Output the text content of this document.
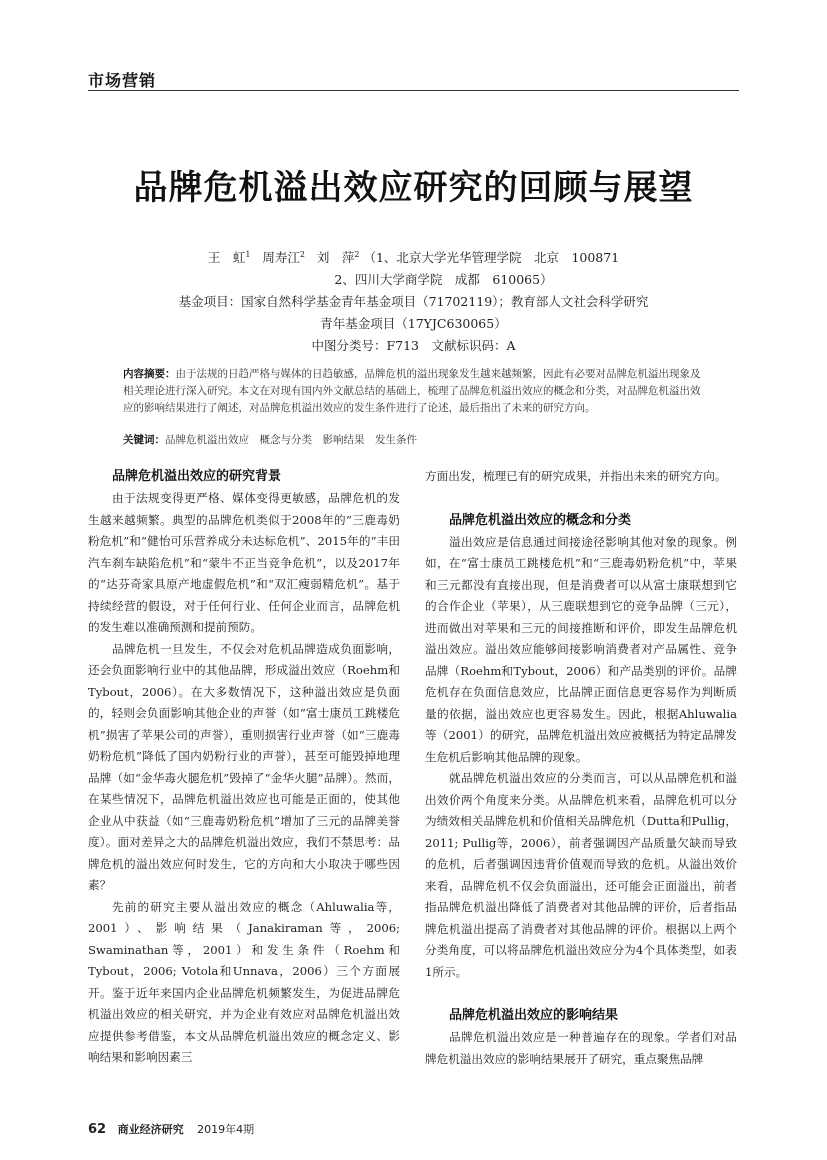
市场营销
品牌危机溢出效应研究的回顾与展望
王　虹$^1$ 周寿江$^2$ 刘　萍$^2$ （1、北京大学光华管理学院　北京　100871
2、四川大学商学院　成都　610065）
基金项目：国家自然科学基金青年基金项目（71702119）；教育部人文社会科学研究
青年基金项目（17YJC630065）
中图分类号：F713　文献标识码：A
内容摘要：由于法规的日趋严格与媒体的日趋敏感，品牌危机的溢出现象发生越来越频繁，因此有必要对品牌危机溢出现象及相关理论进行深入研究。本文在对现有国内外文献总结的基础上，梳理了品牌危机溢出效应的概念和分类，对品牌危机溢出效应的影响结果进行了阐述，对品牌危机溢出效应的发生条件进行了论述，最后指出了未来的研究方向。
关键词：品牌危机溢出效应　概念与分类　影响结果　发生条件
品牌危机溢出效应的研究背景

由于法规变得更严格、媒体变得更敏感，品牌危机的发生越来越频繁。典型的品牌危机类似于2008年的“三鹿毒奶粉危机”和“健怡可乐营养成分未达标危机”、2015年的“丰田汽车刹车缺陷危机”和“蒙牛不正当竞争危机”，以及2017年的“达芬奇家具原产地虚假危机”和“双汇瘦弱精危机”。基于持续经营的假设，对于任何行业、任何企业而言，品牌危机的发生难以准确预测和提前预防。

品牌危机一旦发生，不仅会对危机品牌造成负面影响，还会负面影响行业中的其他品牌，形成溢出效应（Roehm和Tybout，2006）。在大多数情况下，这种溢出效应是负面的，轻则会负面影响其他企业的声誉（如“富士康员工跳楼危机”损害了苹果公司的声誉），重则损害行业声誉（如“三鹿毒奶粉危机”降低了国内奶粉行业的声誉），甚至可能毁掉地理品牌（如“金华毒火腿危机”毁掉了“金华火腿”品牌）。然而，在某些情况下，品牌危机溢出效应也可能是正面的，使其他企业从中获益（如“三鹿毒奶粉危机”增加了三元的品牌美誉度）。面对差异之大的品牌危机溢出效应，我们不禁思考：品牌危机的溢出效应何时发生，它的方向和大小取决于哪些因素？

先前的研究主要从溢出效应的概念（Ahluwalia等，2001）、影响结果（Janakiraman等，2006; Swaminathan等，2001）和发生条件（Roehm和Tybout，2006; Votola和Unnava，2006）三个方面展开。鉴于近年来国内企业品牌危机频繁发生，为促进品牌危机溢出效应的相关研究，并为企业有效应对品牌危机溢出效应提供参考借鉴，本文从品牌危机溢出效应的概念定义、影响结果和影响因素三

方面出发，梳理已有的研究成果，并指出未来的研究方向。

品牌危机溢出效应的概念和分类

溢出效应是信息通过间接途径影响其他对象的现象。例如，在“富士康员工跳楼危机”和“三鹿毒奶粉危机”中，苹果和三元都没有直接出现，但是消费者可以从富士康联想到它的合作企业（苹果），从三鹿联想到它的竞争品牌（三元），进而做出对苹果和三元的间接推断和评价，即发生品牌危机溢出效应。溢出效应能够间接影响消费者对产品属性、竞争品牌（Roehm和Tybout，2006）和产品类别的评价。品牌危机存在负面信息效应，比品牌正面信息更容易作为判断质量的依据，溢出效应也更容易发生。因此，根据Ahluwalia等（2001）的研究，品牌危机溢出效应被概括为特定品牌发生危机后影响其他品牌的现象。

就品牌危机溢出效应的分类而言，可以从品牌危机和溢出效价两个角度来分类。从品牌危机来看，品牌危机可以分为绩效相关品牌危机和价值相关品牌危机（Dutta和Pullig，2011; Pullig等，2006），前者强调因产品质量欠缺而导致的危机，后者强调因违背价值观而导致的危机。从溢出效价来看，品牌危机不仅会负面溢出，还可能会正面溢出，前者指品牌危机溢出降低了消费者对其他品牌的评价，后者指品牌危机溢出提高了消费者对其他品牌的评价。根据以上两个分类角度，可以将品牌危机溢出效应分为4个具体类型，如表1所示。

品牌危机溢出效应的影响结果

品牌危机溢出效应是一种普遍存在的现象。学者们对品牌危机溢出效应的影响结果展开了研究，重点聚焦品牌

62 商业经济研究 2019年4期
